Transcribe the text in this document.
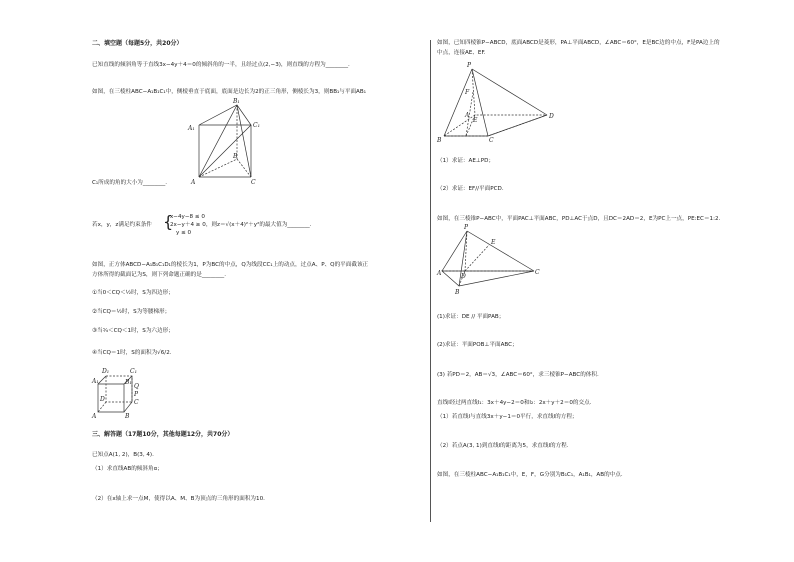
二、填空题（每题5分，共20分）
已知直线的倾斜角等于直线3x−4y＋4＝0的倾斜角的一半，且经过点(2,−3)，则直线的方程为________.
如图，在三棱柱ABC−A₁B₁C₁中，侧棱垂直于底面，底面是边长为2的正三角形，侧棱长为3，则BB₁与平面AB₁
A₁
B₁
C₁
A
B
C
C₁所成的角的大小为________.
若x，y，z满足约束条件 {
x−4y−8 ≤ 0
2x−y＋4 ≥ 0，则z＝√(x＋4)²＋y²的最大值为________.
y ≤ 0
如图，正方体ABCD−A₁B₁C₁D₁的棱长为1，P为BC的中点，Q为线段CC₁上的动点，过点A、P、Q的平面截该正
方体所得的截面记为S，则下列命题正确的是________.
①当0＜CQ＜½时，S为四边形；
②当CQ＝½时，S为等腰梯形；
③当¾＜CQ＜1时，S为六边形；
④当CQ＝1时，S的面积为√6/2.
D₁	C₁
A₁	B₁
D	C
A	B
P
Q
三、解答题（17题10分，其他每题12分，共70分）
已知点A(1, 2)，B(3, 4).
（1）求直线AB的倾斜角α；
（2）在x轴上求一点M，使得以A、M、B为顶点的三角形的面积为10.
如图，已知四棱锥P−ABCD，底面ABCD是菱形，PA⊥平面ABCD，∠ABC＝60°，E是BC边的中点，F是PA边上的
中点，连接AE、EF.
P
F
A
E
D
B	C
（1）求证：AE⊥PD；
（2）求证：EF//平面PCD.
如图，在三棱锥P−ABC中，平面PAC⊥平面ABC，PD⊥AC于点D，且DC＝2AD＝2，E为PC上一点，PE:EC＝1:2.
P
E
A	D
C
B
(1)求证：DE // 平面PAB；
(2)求证：平面POB⊥平面ABC；
(3) 若PD＝2，AB＝√3，∠ABC＝60°，求三棱锥P−ABC的体积.
直线l经过两直线l₁：3x＋4y−2＝0和l₂：2x＋y＋2＝0的交点.
（1）若直线l与直线3x＋y−1＝0平行，求直线l的方程；
（2）若点A(3, 1)到直线l的距离为5，求直线l的方程.
如图，在三棱柱ABC−A₁B₁C₁中，E，F，G分别为B₁C₁，A₁B₁，AB的中点.
